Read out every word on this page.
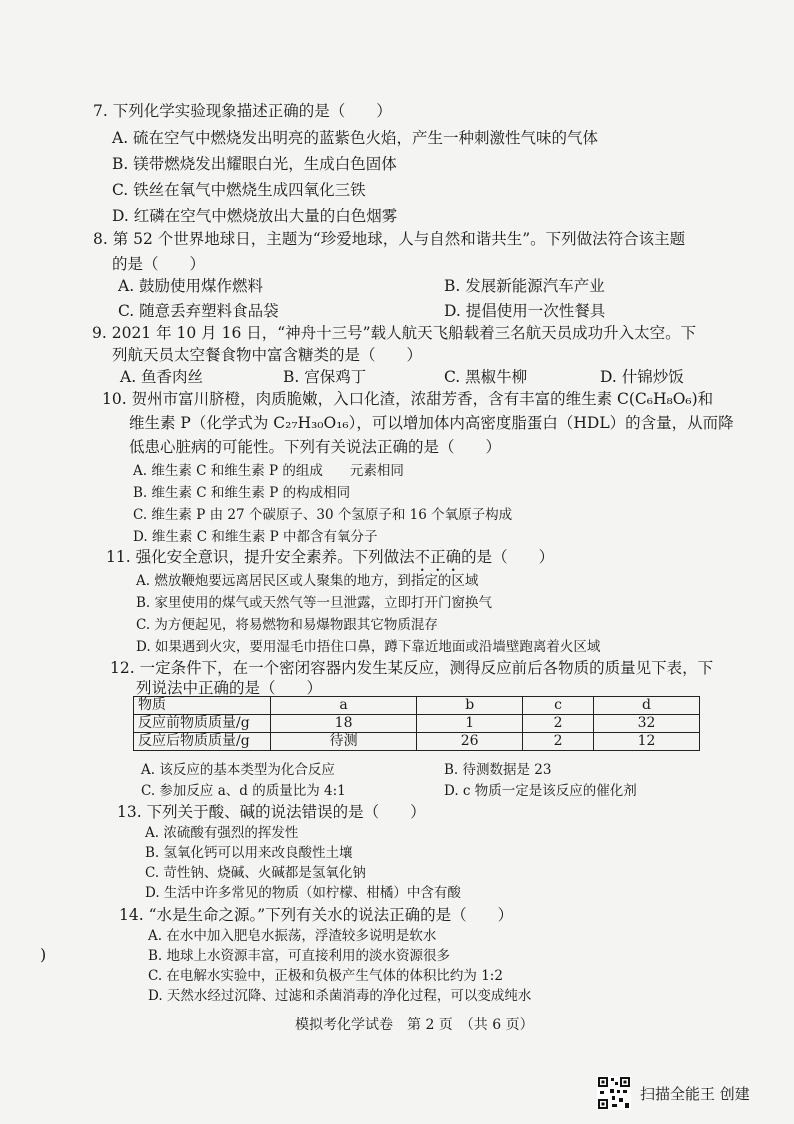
7. 下列化学实验现象描述正确的是（　　）
A. 硫在空气中燃烧发出明亮的蓝紫色火焰，产生一种刺激性气味的气体
B. 镁带燃烧发出耀眼白光，生成白色固体
C. 铁丝在氧气中燃烧生成四氧化三铁
D. 红磷在空气中燃烧放出大量的白色烟雾
8. 第 52 个世界地球日，主题为“珍爱地球，人与自然和谐共生”。下列做法符合该主题
的是（　　）
A. 鼓励使用煤作燃料	B. 发展新能源汽车产业
C. 随意丢弃塑料食品袋	D. 提倡使用一次性餐具
9. 2021 年 10 月 16 日，“神舟十三号”载人航天飞船载着三名航天员成功升入太空。下
列航天员太空餐食物中富含糖类的是（　　）
A. 鱼香肉丝	B. 宫保鸡丁	C. 黑椒牛柳	D. 什锦炒饭
10. 贺州市富川脐橙，肉质脆嫩，入口化渣，浓甜芳香，含有丰富的维生素 C(C₆H₈O₆)和
维生素 P（化学式为 C₂₇H₃₀O₁₆），可以增加体内高密度脂蛋白（HDL）的含量，从而降
低患心脏病的可能性。下列有关说法正确的是（　　）
A. 维生素 C 和维生素 P 的组成　　元素相同
B. 维生素 C 和维生素 P 的构成相同
C. 维生素 P 由 27 个碳原子、30 个氢原子和 16 个氧原子构成
D. 维生素 C 和维生素 P 中都含有氧分子
11. 强化安全意识，提升安全素养。下列做法不正确的是（　　）
A. 燃放鞭炮要远离居民区或人聚集的地方，到指定的区域
B. 家里使用的煤气或天然气等一旦泄露，立即打开门窗换气
C. 为方便起见，将易燃物和易爆物跟其它物质混存
D. 如果遇到火灾，要用湿毛巾捂住口鼻，蹲下靠近地面或沿墙壁跑离着火区域
12. 一定条件下，在一个密闭容器内发生某反应，测得反应前后各物质的质量见下表，下
列说法中正确的是（　　）
物质	a	b	c	d
反应前物质质量/g	18	1	2	32
反应后物质质量/g	待测	26	2	12
A. 该反应的基本类型为化合反应	B. 待测数据是 23
C. 参加反应 a、d 的质量比为 4:1	D. c 物质一定是该反应的催化剂
13. 下列关于酸、碱的说法错误的是（　　）
A. 浓硫酸有强烈的挥发性
B. 氢氧化钙可以用来改良酸性土壤
C. 苛性钠、烧碱、火碱都是氢氧化钠
D. 生活中许多常见的物质（如柠檬、柑橘）中含有酸
14. “水是生命之源。”下列有关水的说法正确的是（　　）
A. 在水中加入肥皂水振荡，浮渣较多说明是软水
B. 地球上水资源丰富，可直接利用的淡水资源很多
C. 在电解水实验中，正极和负极产生气体的体积比约为 1:2
D. 天然水经过沉降、过滤和杀菌消毒的净化过程，可以变成纯水
)
模拟考化学试卷　第 2 页　（共 6 页）
扫描全能王 创建
